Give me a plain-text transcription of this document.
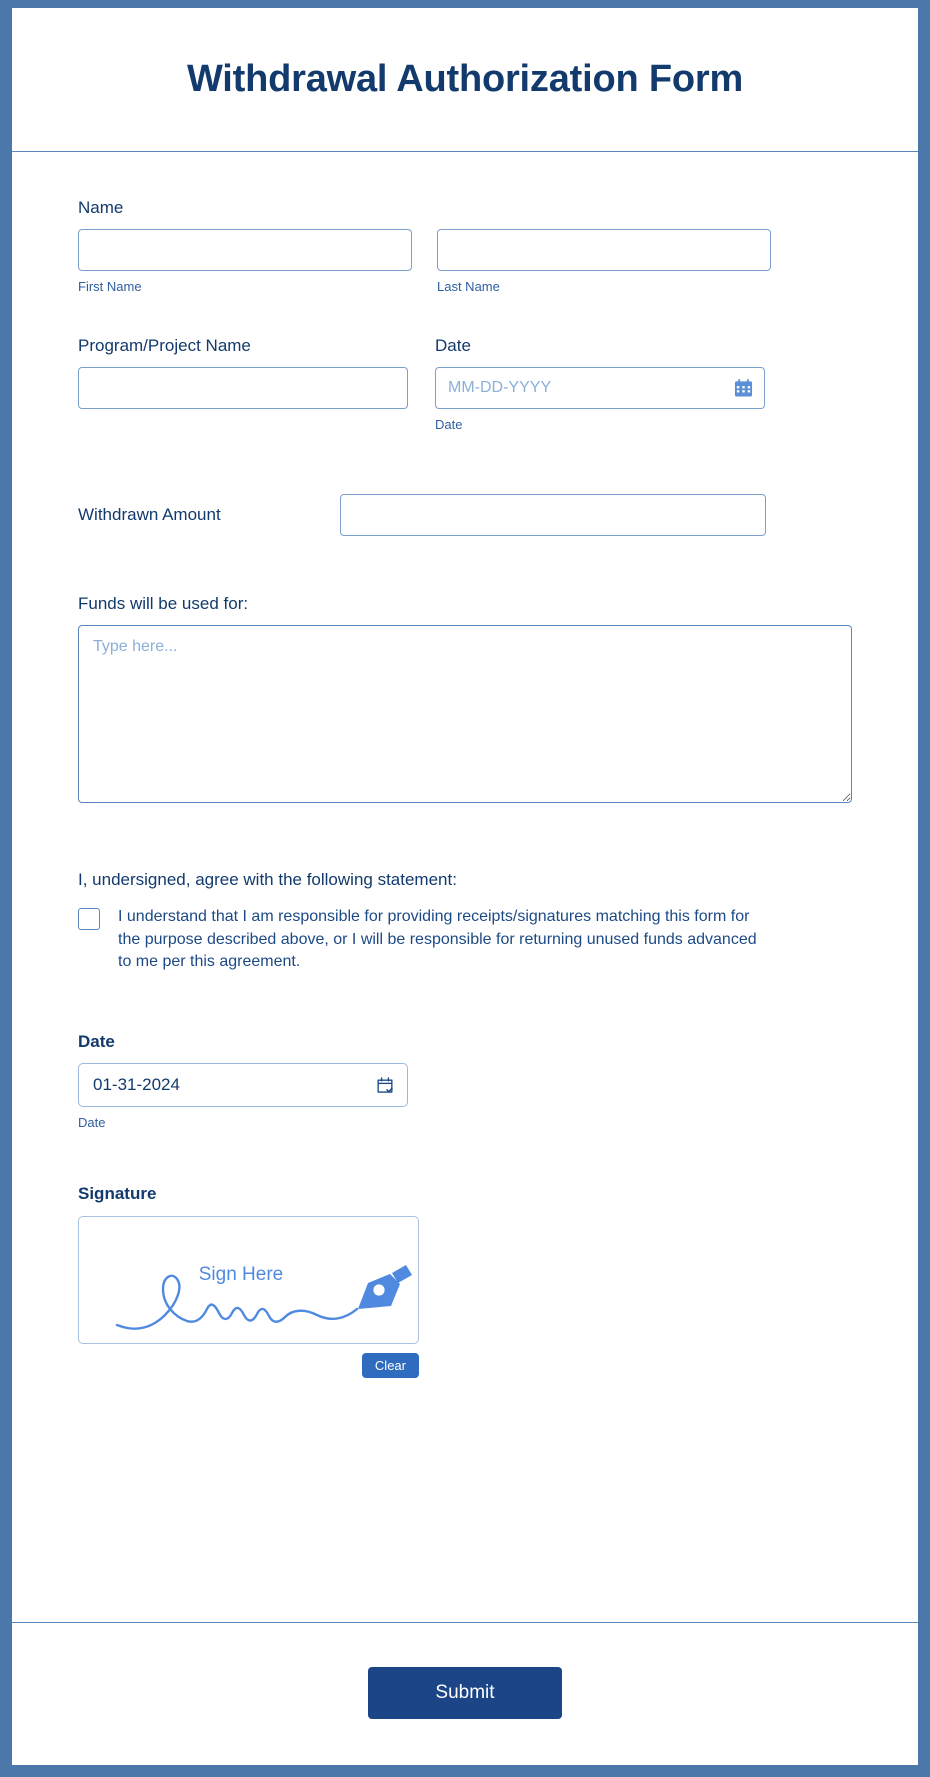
Withdrawal Authorization Form
Name
First Name	Last Name
Program/Project Name	Date
MM-DD-YYYY
Date
Withdrawn Amount
Funds will be used for:
Type here...
I, undersigned, agree with the following statement:
I understand that I am responsible for providing receipts/signatures matching this form for the purpose described above, or I will be responsible for returning unused funds advanced to me per this agreement.
Date
01-31-2024
Date
Signature
Sign Here
Clear
Submit
